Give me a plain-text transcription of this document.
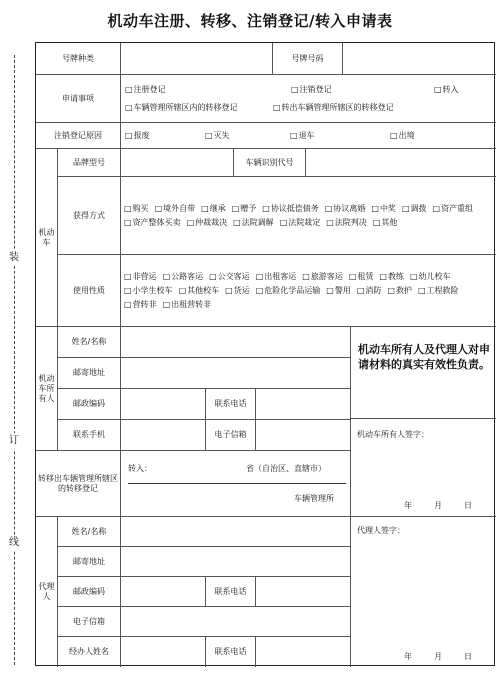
机动车注册、转移、注销登记/转入申请表
装
订
线
号牌种类	号牌号码
申请事项
□ 注册登记	□ 注销登记	□ 转入
□ 车辆管理所辖区内的转移登记	□ 转出车辆管理所辖区的转移登记
注销登记原因	□ 报废	□ 灭失	□ 退车	□ 出境
机动车
品牌型号	车辆识别代号
获得方式
□ 购买	□ 境外自带	□ 继承	□ 赠予	□ 协议抵偿债务	□ 协议离婚	□ 中奖	□ 调拨	□ 资产重组
□ 资产整体买卖	□ 仲裁裁决	□ 法院调解	□ 法院裁定	□ 法院判决	□ 其他
使用性质
□ 非营运	□ 公路客运	□ 公交客运	□ 出租客运	□ 旅游客运	□ 租赁	□ 教练	□ 幼儿校车
□ 小学生校车	□ 其他校车	□ 货运	□ 危险化学品运输	□ 警用	□ 消防	□ 救护	□ 工程救险
□ 营转非	□ 出租营转非
机动车所有人
姓名/名称
邮寄地址
邮政编码	联系电话
联系手机	电子信箱
机动车所有人及代理人对申请材料的真实有效性负责。
机动车所有人签字：
年	月	日
转移出车辆管理所辖区的转移登记
转入：	省（自治区、直辖市）
车辆管理所
代理人
姓名/名称
邮寄地址
邮政编码	联系电话
电子信箱
经办人姓名	联系电话
代理人签字：
年	月	日
